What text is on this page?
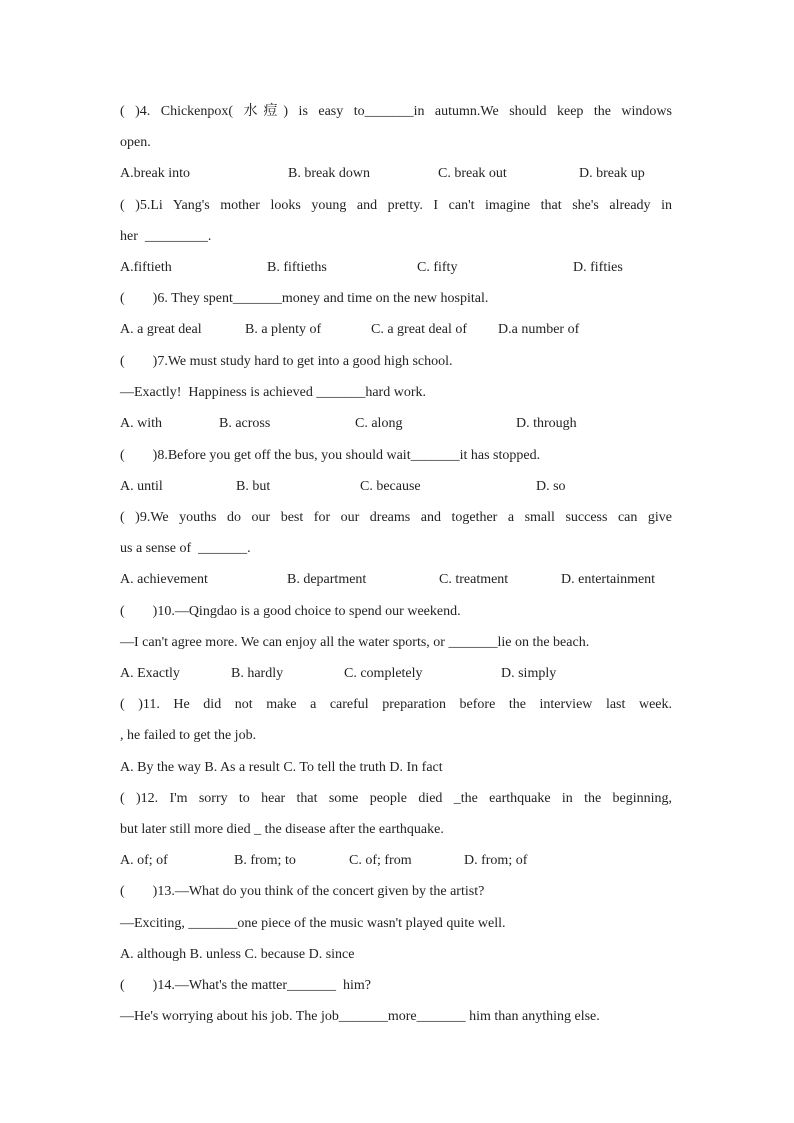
( )4. Chickenpox( 水痘) is easy to_______in autumn.We should keep the windows
open.

A.break into

	B. break down

	C. break out

	D. break up

( )5.Li Yang's mother looks young and pretty. I can't imagine that she's already in
her  _________.

A.fiftieth

	B. fiftieths

	C. fifty

	D. fifties

(        )6. They spent_______money and time on the new hospital.

A. a great deal

	B. a plenty of

	C. a great deal of

D.a number of

(        )7.We must study hard to get into a good high school.
—Exactly!  Happiness is achieved _______hard work.

A. with

	B. across

	C. along

	D. through

(        )8.Before you get off the bus, you should wait_______it has stopped.

A. until

	B. but

	C. because

	D. so

( )9.We youths do our best for our dreams and together a small success can give
us a sense of  _______.

A. achievement

	B. department

	C. treatment

	D. entertainment

(        )10.—Qingdao is a good choice to spend our weekend.
—I can't agree more. We can enjoy all the water sports, or _______lie on the beach.

A. Exactly

	B. hardly

	C. completely

	D. simply

( )11. He did not make a careful preparation before the interview last week.
, he failed to get the job.
A. By the way B. As a result C. To tell the truth D. In fact
( )12. I'm sorry to hear that some people died _the earthquake in the beginning,
but later still more died _ the disease after the earthquake.

A. of; of

	B. from; to

	C. of; from

	D. from; of

(        )13.—What do you think of the concert given by the artist?
—Exciting, _______one piece of the music wasn't played quite well.
A. although B. unless C. because D. since
(        )14.—What's the matter_______  him?
—He's worrying about his job. The job_______more_______ him than anything else.
